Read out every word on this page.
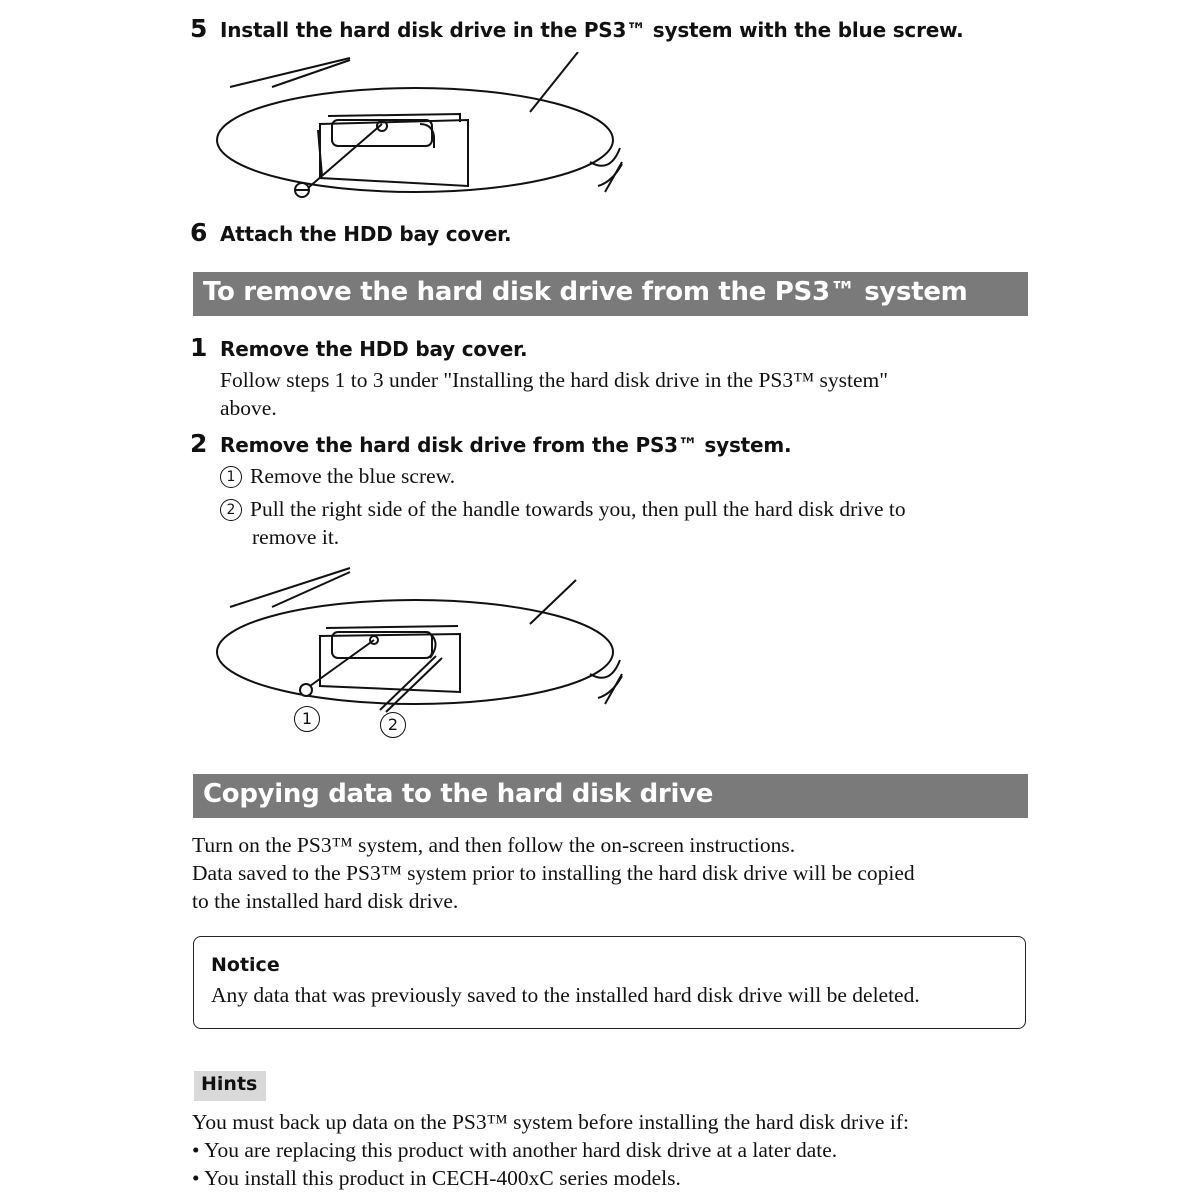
5 Install the hard disk drive in the PS3™ system with the blue screw.
6 Attach the HDD bay cover.
To remove the hard disk drive from the PS3™ system
1 Remove the HDD bay cover.
Follow steps 1 to 3 under "Installing the hard disk drive in the PS3™ system"
above.
2 Remove the hard disk drive from the PS3™ system.
1 Remove the blue screw.
2 Pull the right side of the handle towards you, then pull the hard disk drive to
remove it.
1	2
Copying data to the hard disk drive
Turn on the PS3™ system, and then follow the on-screen instructions.
Data saved to the PS3™ system prior to installing the hard disk drive will be copied
to the installed hard disk drive.
Notice
Any data that was previously saved to the installed hard disk drive will be deleted.
Hints
You must back up data on the PS3™ system before installing the hard disk drive if:
• You are replacing this product with another hard disk drive at a later date.
• You install this product in CECH-400xC series models.
